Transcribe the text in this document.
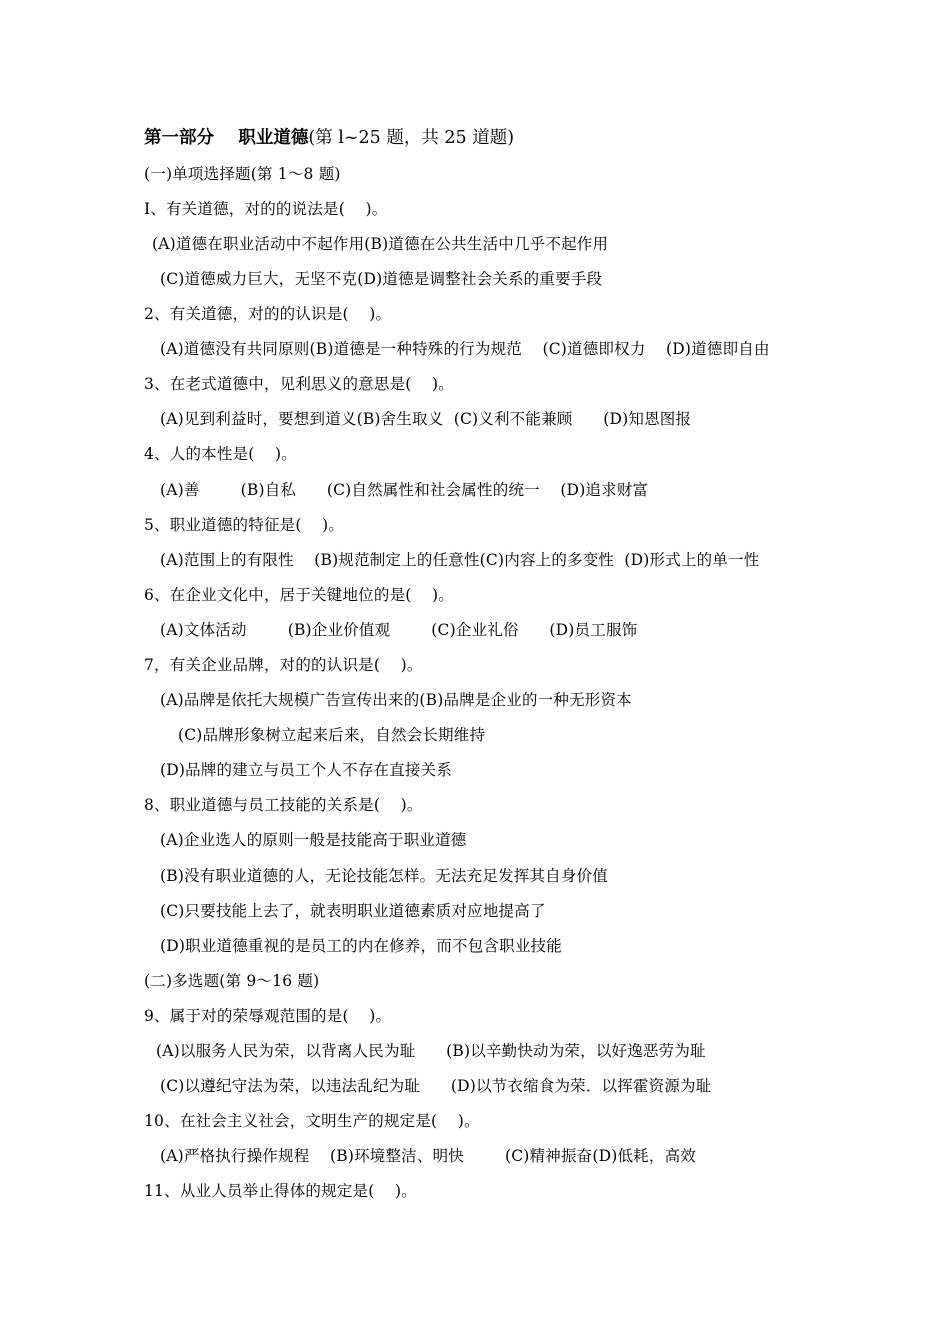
第一部分    职业道德(第 l~25 题，共 25 道题)
(一)单项选择题(第 1～8 题)
I、有关道德，对的的说法是(    )。
(A)道德在职业活动中不起作用(B)道德在公共生活中几乎不起作用
(C)道德威力巨大，无坚不克(D)道德是调整社会关系的重要手段
2、有关道德，对的的认识是(    )。
(A)道德没有共同原则(B)道德是一种特殊的行为规范    (C)道德即权力    (D)道德即自由
3、在老式道德中，见利思义的意思是(    )。
(A)见到利益时，要想到道义(B)舍生取义  (C)义利不能兼顾      (D)知恩图报
4、人的本性是(    )。
(A)善        (B)自私      (C)自然属性和社会属性的统一    (D)追求财富
5、职业道德的特征是(    )。
(A)范围上的有限性    (B)规范制定上的任意性(C)内容上的多变性  (D)形式上的单一性
6、在企业文化中，居于关键地位的是(    )。
(A)文体活动        (B)企业价值观        (C)企业礼俗      (D)员工服饰
7，有关企业品牌，对的的认识是(    )。
(A)品牌是依托大规模广告宣传出来的(B)品牌是企业的一种无形资本
(C)品牌形象树立起来后来，自然会长期维持
(D)品牌的建立与员工个人不存在直接关系
8、职业道德与员工技能的关系是(    )。
(A)企业选人的原则一般是技能高于职业道德
(B)没有职业道德的人，无论技能怎样。无法充足发挥其自身价值
(C)只要技能上去了，就表明职业道德素质对应地提高了
(D)职业道德重视的是员工的内在修养，而不包含职业技能
(二)多选题(第 9～16 题)
9、属于对的荣辱观范围的是(    )。
(A)以服务人民为荣，以背离人民为耻      (B)以辛勤快动为荣，以好逸恶劳为耻
(C)以遵纪守法为荣，以违法乱纪为耻      (D)以节衣缩食为荣．以挥霍资源为耻
10、在社会主义社会，文明生产的规定是(    )。
(A)严格执行操作规程    (B)环境整洁、明快        (C)精神振奋(D)低耗，高效
11、从业人员举止得体的规定是(    )。
